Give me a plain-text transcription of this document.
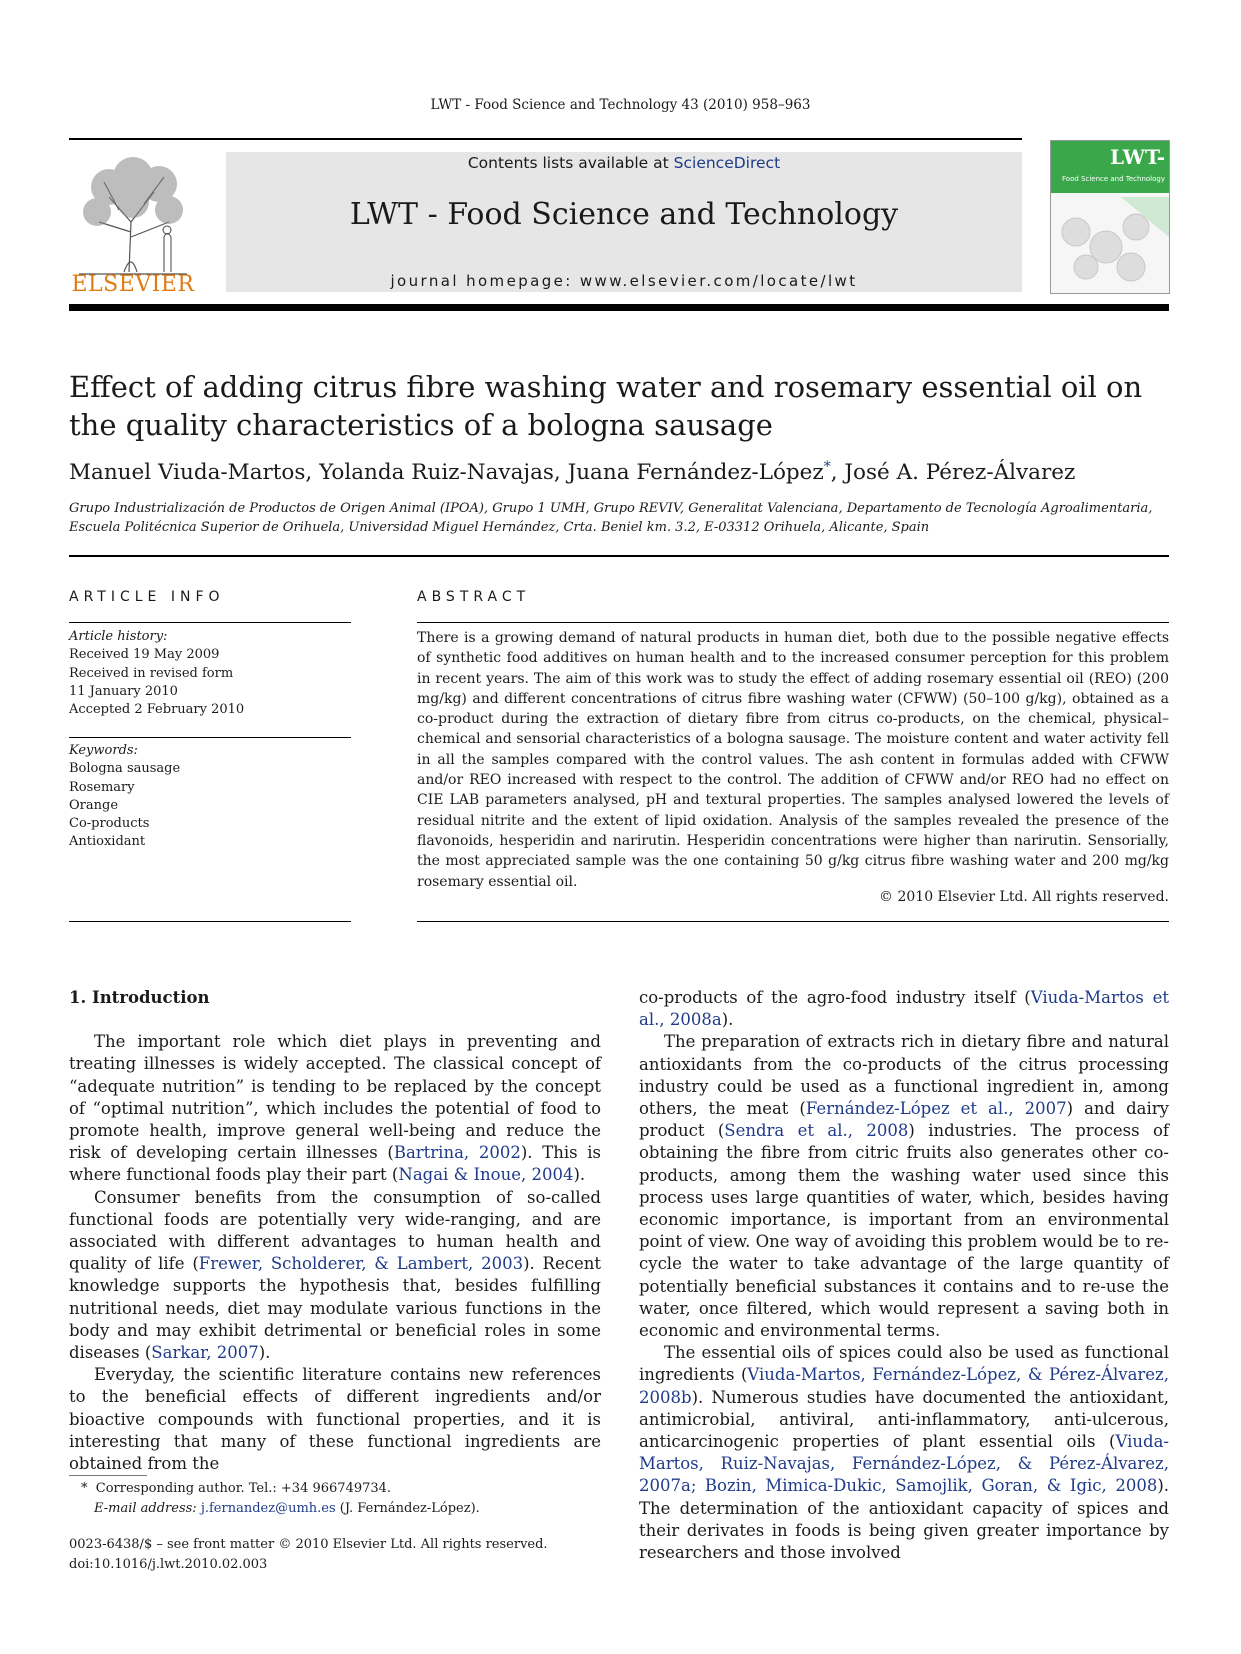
LWT - Food Science and Technology 43 (2010) 958–963
ELSEVIER
Contents lists available at ScienceDirect
LWT - Food Science and Technology
journal homepage: www.elsevier.com/locate/lwt
LWT-
Food Science and Technology
Effect of adding citrus fibre washing water and rosemary essential oil on the quality characteristics of a bologna sausage
Manuel Viuda-Martos, Yolanda Ruiz-Navajas, Juana Fernández-López*, José A. Pérez-Álvarez
Grupo Industrialización de Productos de Origen Animal (IPOA), Grupo 1 UMH, Grupo REVIV, Generalitat Valenciana, Departamento de Tecnología Agroalimentaria, Escuela Politécnica Superior de Orihuela, Universidad Miguel Hernández, Crta. Beniel km. 3.2, E-03312 Orihuela, Alicante, Spain
ARTICLE INFO	ABSTRACT
Article history:
Received 19 May 2009
Received in revised form
11 January 2010
Accepted 2 February 2010
Keywords:
Bologna sausage
Rosemary
Orange
Co-products
Antioxidant
There is a growing demand of natural products in human diet, both due to the possible negative effects of synthetic food additives on human health and to the increased consumer perception for this problem in recent years. The aim of this work was to study the effect of adding rosemary essential oil (REO) (200 mg/kg) and different concentrations of citrus fibre washing water (CFWW) (50–100 g/kg), obtained as a co-product during the extraction of dietary fibre from citrus co-products, on the chemical, physical–chemical and sensorial characteristics of a bologna sausage. The moisture content and water activity fell in all the samples compared with the control values. The ash content in formulas added with CFWW and/or REO increased with respect to the control. The addition of CFWW and/or REO had no effect on CIE LAB parameters analysed, pH and textural properties. The samples analysed lowered the levels of residual nitrite and the extent of lipid oxidation. Analysis of the samples revealed the presence of the flavonoids, hesperidin and narirutin. Hesperidin concentrations were higher than narirutin. Sensorially, the most appreciated sample was the one containing 50 g/kg citrus fibre washing water and 200 mg/kg rosemary essential oil.
© 2010 Elsevier Ltd. All rights reserved.
1. Introduction

The important role which diet plays in preventing and treating illnesses is widely accepted. The classical concept of “adequate nutrition” is tending to be replaced by the concept of “optimal nutrition”, which includes the potential of food to promote health, improve general well-being and reduce the risk of developing certain illnesses (Bartrina, 2002). This is where functional foods play their part (Nagai & Inoue, 2004).

Consumer benefits from the consumption of so-called functional foods are potentially very wide-ranging, and are associated with different advantages to human health and quality of life (Frewer, Scholderer, & Lambert, 2003). Recent knowledge supports the hypothesis that, besides fulfilling nutritional needs, diet may modulate various functions in the body and may exhibit detrimental or beneficial roles in some diseases (Sarkar, 2007).

Everyday, the scientific literature contains new references to the beneficial effects of different ingredients and/or bioactive compounds with functional properties, and it is interesting that many of these functional ingredients are obtained from the

co-products of the agro-food industry itself (Viuda-Martos et al., 2008a).

The preparation of extracts rich in dietary fibre and natural antioxidants from the co-products of the citrus processing industry could be used as a functional ingredient in, among others, the meat (Fernández-López et al., 2007) and dairy product (Sendra et al., 2008) industries. The process of obtaining the fibre from citric fruits also generates other co-products, among them the washing water used since this process uses large quantities of water, which, besides having economic importance, is important from an environmental point of view. One way of avoiding this problem would be to re-cycle the water to take advantage of the large quantity of potentially beneficial substances it contains and to re-use the water, once filtered, which would represent a saving both in economic and environmental terms.

The essential oils of spices could also be used as functional ingredients (Viuda-Martos, Fernández-López, & Pérez-Álvarez, 2008b). Numerous studies have documented the antioxidant, antimicrobial, antiviral, anti-inflammatory, anti-ulcerous, anticarcinogenic properties of plant essential oils (Viuda-Martos, Ruiz-Navajas, Fernández-López, & Pérez-Álvarez, 2007a; Bozin, Mimica-Dukic, Samojlik, Goran, & Igic, 2008). The determination of the antioxidant capacity of spices and their derivates in foods is being given greater importance by researchers and those involved

* Corresponding author. Tel.: +34 966749734.
E-mail address: j.fernandez@umh.es (J. Fernández-López).
0023-6438/$ – see front matter © 2010 Elsevier Ltd. All rights reserved.
doi:10.1016/j.lwt.2010.02.003
